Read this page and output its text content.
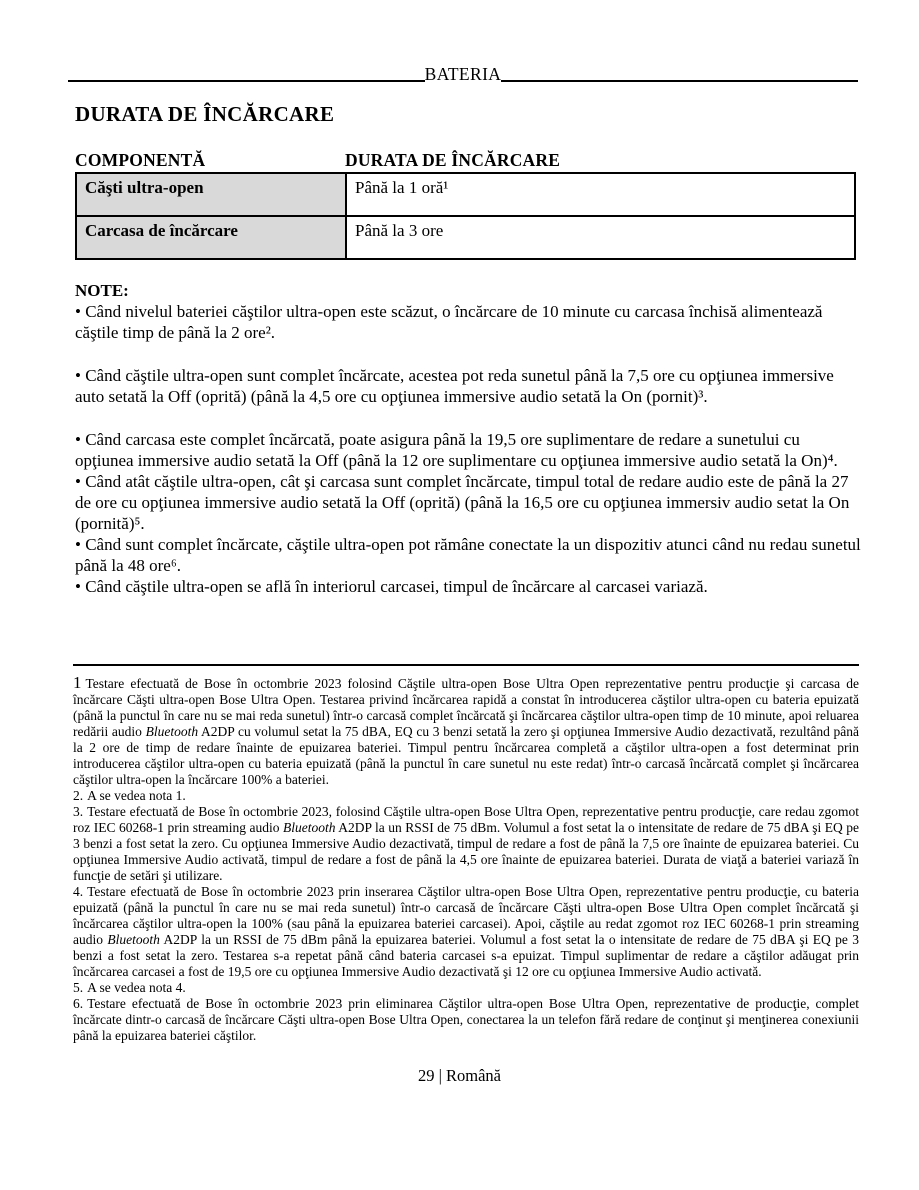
BATERIA
DURATA DE ÎNCĂRCARE
COMPONENTĂ	DURATA DE ÎNCĂRCARE
Căşti ultra-open	Până la 1 oră¹
Carcasa de încărcare	Până la 3 ore
NOTE:

• Când nivelul bateriei căştilor ultra-open este scăzut, o încărcare de 10 minute cu carcasa închisă alimentează căştile timp de până la 2 ore².

• Când căştile ultra-open sunt complet încărcate, acestea pot reda sunetul până la 7,5 ore cu opţiunea immersive auto setată la Off (oprită) (până la 4,5 ore cu opţiunea immersive audio setată la On (pornit)³.

• Când carcasa este complet încărcată, poate asigura până la 19,5 ore suplimentare de redare a sunetului cu opţiunea immersive audio setată la Off (până la 12 ore suplimentare cu opţiunea immersive audio setată la On)⁴.

• Când atât căştile ultra-open, cât şi carcasa sunt complet încărcate, timpul total de redare audio este de până la 27 de ore cu opţiunea immersive audio setată la Off (oprită) (până la 16,5 ore cu opţiunea immersiv audio setat la On (pornită)⁵.

• Când sunt complet încărcate, căştile ultra-open pot rămâne conectate la un dispozitiv atunci când nu redau sunetul până la 48 ore⁶.

• Când căştile ultra-open se află în interiorul carcasei, timpul de încărcare al carcasei variază.

1 Testare efectuată de Bose în octombrie 2023 folosind Căştile ultra-open Bose Ultra Open reprezentative pentru producţie şi carcasa de încărcare Căşti ultra-open Bose Ultra Open. Testarea privind încărcarea rapidă a constat în introducerea căştilor ultra-open cu bateria epuizată (până la punctul în care nu se mai reda sunetul) într-o carcasă complet încărcată şi încărcarea căştilor ultra-open timp de 10 minute, apoi reluarea redării audio Bluetooth A2DP cu volumul setat la 75 dBA, EQ cu 3 benzi setată la zero şi opţiunea Immersive Audio dezactivată, rezultând până la 2 ore de timp de redare înainte de epuizarea bateriei. Timpul pentru încărcarea completă a căştilor ultra-open a fost determinat prin introducerea căştilor ultra-open cu bateria epuizată (până la punctul în care sunetul nu este redat) într-o carcasă încărcată complet şi încărcarea căştilor ultra-open la încărcare 100% a bateriei.

2. A se vedea nota 1.

3. Testare efectuată de Bose în octombrie 2023, folosind Căştile ultra-open Bose Ultra Open, reprezentative pentru producţie, care redau zgomot roz IEC 60268-1 prin streaming audio Bluetooth A2DP la un RSSI de 75 dBm. Volumul a fost setat la o intensitate de redare de 75 dBA şi EQ pe 3 benzi a fost setat la zero. Cu opţiunea Immersive Audio dezactivată, timpul de redare a fost de până la 7,5 ore înainte de epuizarea bateriei. Cu opţiunea Immersive Audio activată, timpul de redare a fost de până la 4,5 ore înainte de epuizarea bateriei. Durata de viaţă a bateriei variază în funcţie de setări şi utilizare.

4. Testare efectuată de Bose în octombrie 2023 prin inserarea Căştilor ultra-open Bose Ultra Open, reprezentative pentru producţie, cu bateria epuizată (până la punctul în care nu se mai reda sunetul) într-o carcasă de încărcare Căşti ultra-open Bose Ultra Open complet încărcată şi încărcarea căştilor ultra-open la 100% (sau până la epuizarea bateriei carcasei). Apoi, căştile au redat zgomot roz IEC 60268-1 prin streaming audio Bluetooth A2DP la un RSSI de 75 dBm până la epuizarea bateriei. Volumul a fost setat la o intensitate de redare de 75 dBA şi EQ pe 3 benzi a fost setat la zero. Testarea s-a repetat până când bateria carcasei s-a epuizat. Timpul suplimentar de redare a căştilor adăugat prin încărcarea carcasei a fost de 19,5 ore cu opţiunea Immersive Audio dezactivată şi 12 ore cu opţiunea Immersive Audio activată.

5. A se vedea nota 4.

6. Testare efectuată de Bose în octombrie 2023 prin eliminarea Căştilor ultra-open Bose Ultra Open, reprezentative de producţie, complet încărcate dintr-o carcasă de încărcare Căşti ultra-open Bose Ultra Open, conectarea la un telefon fără redare de conţinut şi menţinerea conexiunii până la epuizarea bateriei căştilor.

29 | Română
